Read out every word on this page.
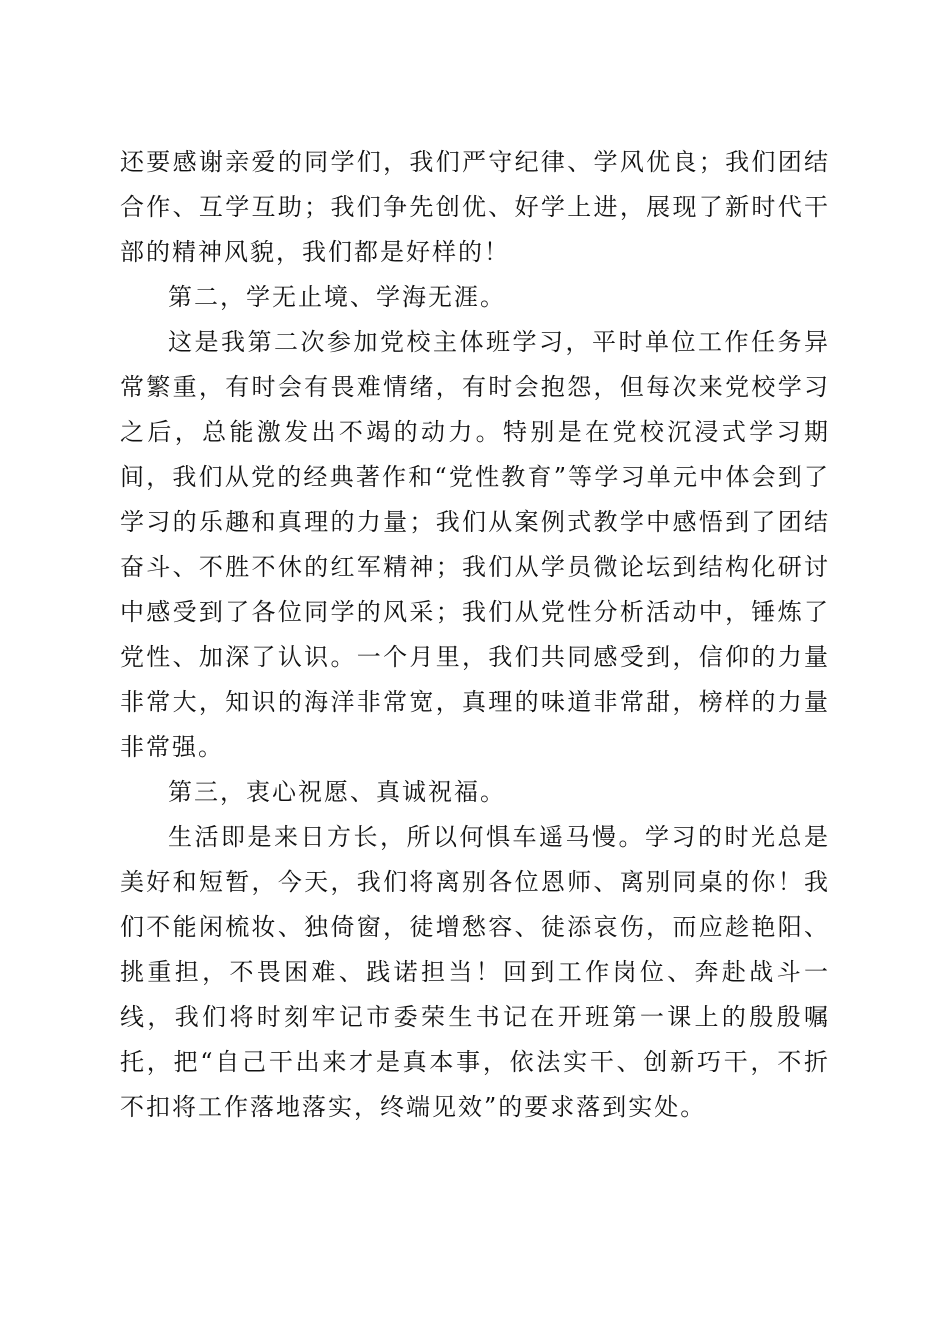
还要感谢亲爱的同学们，我们严守纪律、学风优良；我们团结合作、互学互助；我们争先创优、好学上进，展现了新时代干部的精神风貌，我们都是好样的！

第二，学无止境、学海无涯。

这是我第二次参加党校主体班学习，平时单位工作任务异常繁重，有时会有畏难情绪，有时会抱怨，但每次来党校学习之后，总能激发出不竭的动力。特别是在党校沉浸式学习期间，我们从党的经典著作和“党性教育”等学习单元中体会到了学习的乐趣和真理的力量；我们从案例式教学中感悟到了团结奋斗、不胜不休的红军精神；我们从学员微论坛到结构化研讨中感受到了各位同学的风采；我们从党性分析活动中，锤炼了党性、加深了认识。一个月里，我们共同感受到，信仰的力量非常大，知识的海洋非常宽，真理的味道非常甜，榜样的力量非常强。

第三，衷心祝愿、真诚祝福。

生活即是来日方长，所以何惧车遥马慢。学习的时光总是美好和短暂，今天，我们将离别各位恩师、离别同桌的你！我们不能闲梳妆、独倚窗，徒增愁容、徒添哀伤，而应趁艳阳、挑重担，不畏困难、践诺担当！回到工作岗位、奔赴战斗一线，我们将时刻牢记市委荣生书记在开班第一课上的殷殷嘱托，把“自己干出来才是真本事，依法实干、创新巧干，不折不扣将工作落地落实，终端见效”的要求落到实处。
